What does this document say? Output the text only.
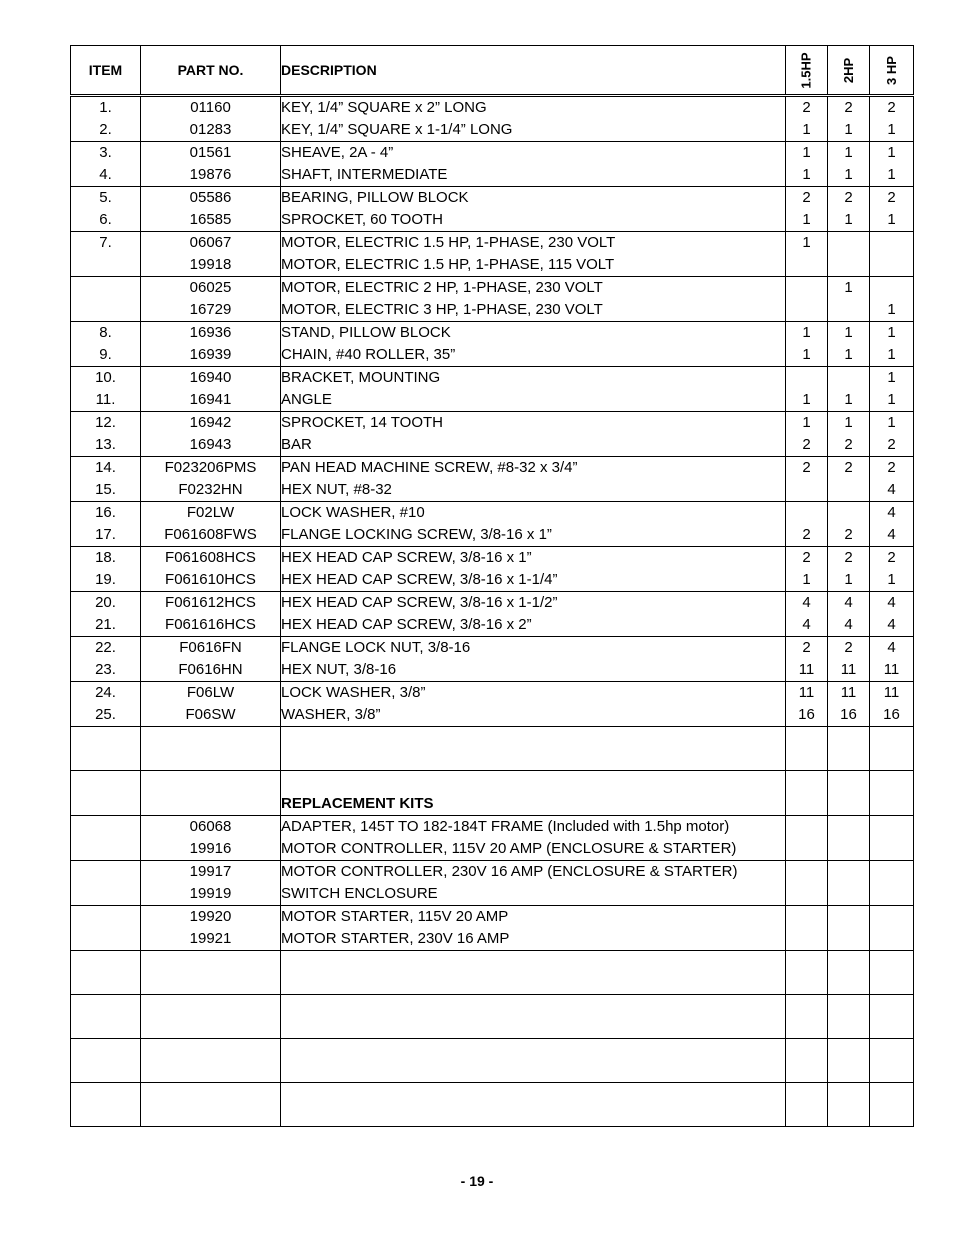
ITEM	PART NO.	DESCRIPTION	1.5HP	2HP	3 HP
1.	01160	KEY, 1/4” SQUARE x 2” LONG	2	2	2
2.	01283	KEY, 1/4” SQUARE x 1-1/4” LONG	1	1	1
3.	01561	SHEAVE, 2A - 4”	1	1	1
4.	19876	SHAFT, INTERMEDIATE	1	1	1
5.	05586	BEARING, PILLOW BLOCK	2	2	2
6.	16585	SPROCKET, 60 TOOTH	1	1	1
7.	06067	MOTOR, ELECTRIC 1.5 HP, 1-PHASE, 230 VOLT	1		
	19918	MOTOR, ELECTRIC 1.5 HP, 1-PHASE, 115 VOLT			
	06025	MOTOR, ELECTRIC 2 HP, 1-PHASE, 230 VOLT		1	
	16729	MOTOR, ELECTRIC 3 HP, 1-PHASE, 230 VOLT			1
8.	16936	STAND, PILLOW BLOCK	1	1	1
9.	16939	CHAIN, #40 ROLLER, 35”	1	1	1
10.	16940	BRACKET, MOUNTING			1
11.	16941	ANGLE	1	1	1
12.	16942	SPROCKET, 14 TOOTH	1	1	1
13.	16943	BAR	2	2	2
14.	F023206PMS	PAN HEAD MACHINE SCREW, #8-32 x 3/4”	2	2	2
15.	F0232HN	HEX NUT, #8-32			4
16.	F02LW	LOCK WASHER, #10			4
17.	F061608FWS	FLANGE LOCKING SCREW, 3/8-16 x 1”	2	2	4
18.	F061608HCS	HEX HEAD CAP SCREW, 3/8-16 x 1”	2	2	2
19.	F061610HCS	HEX HEAD CAP SCREW, 3/8-16 x 1-1/4”	1	1	1
20.	F061612HCS	HEX HEAD CAP SCREW, 3/8-16 x 1-1/2”	4	4	4
21.	F061616HCS	HEX HEAD CAP SCREW, 3/8-16 x 2”	4	4	4
22.	F0616FN	FLANGE LOCK NUT, 3/8-16	2	2	4
23.	F0616HN	HEX NUT, 3/8-16	11	11	11
24.	F06LW	LOCK WASHER, 3/8”	11	11	11
25.	F06SW	WASHER, 3/8”	16	16	16

		REPLACEMENT KITS			
	06068	ADAPTER, 145T TO 182-184T FRAME (Included with 1.5hp motor)			
	19916	MOTOR CONTROLLER, 115V 20 AMP (ENCLOSURE & STARTER)			
	19917	MOTOR CONTROLLER, 230V 16 AMP (ENCLOSURE & STARTER)			
	19919	SWITCH ENCLOSURE			
	19920	MOTOR STARTER, 115V 20 AMP			
	19921	MOTOR STARTER, 230V 16 AMP			

- 19 -
